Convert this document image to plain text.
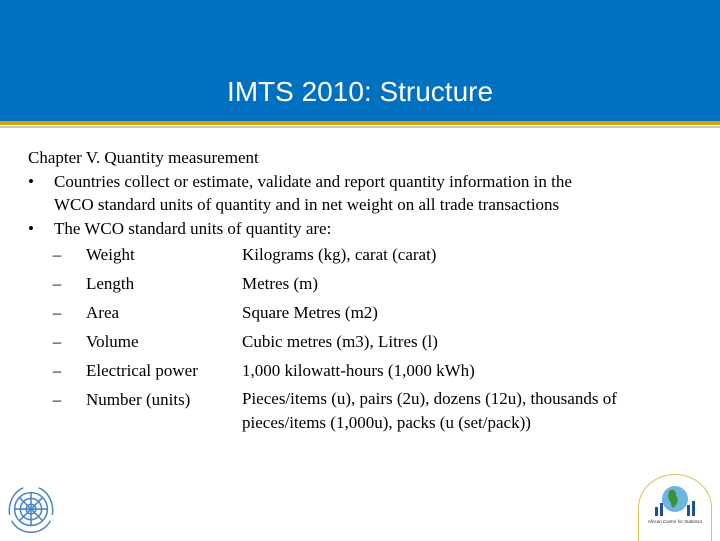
IMTS 2010: Structure
Chapter V. Quantity measurement
• Countries collect or estimate, validate and report quantity information in the
WCO standard units of quantity and in net weight on all trade transactions
• The WCO standard units of quantity are:
–	Weight	Kilograms (kg), carat (carat)
–	Length	Metres (m)
–	Area	Square Metres (m2)
–	Volume	Cubic metres (m3), Litres (l)
–	Electrical power	1,000 kilowatt-hours (1,000 kWh)
–	Number (units)	Pieces/items (u), pairs (2u), dozens (12u), thousands of pieces/items (1,000u), packs (u (set/pack))
African Centre for Statistics
